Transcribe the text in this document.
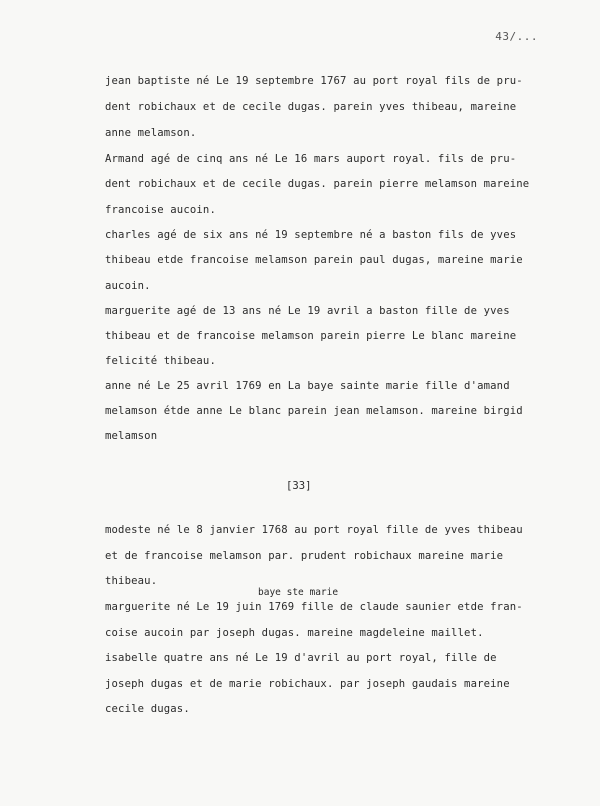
43/...
jean baptiste né Le 19 septembre 1767 au port royal fils de pru-
dent robichaux et de cecile dugas. parein yves thibeau, mareine
anne melamson.
Armand agé de cinq ans né Le 16 mars auport royal. fils de pru-
dent robichaux et de cecile dugas. parein pierre melamson mareine
francoise aucoin.
charles agé de six ans né 19 septembre né a baston fils de yves
thibeau etde francoise melamson parein paul dugas, mareine marie
aucoin.
marguerite agé de 13 ans né Le 19 avril a baston fille de yves
thibeau et de francoise melamson parein pierre Le blanc mareine
felicité thibeau.
anne né Le 25 avril 1769 en La baye sainte marie fille d'amand
melamson étde anne Le blanc parein jean melamson. mareine birgid
melamson
[33]
modeste né le 8 janvier 1768 au port royal fille de yves thibeau
et de francoise melamson par. prudent robichaux mareine marie
thibeau.
baye ste marie
marguerite né Le 19 juin 1769 fille de claude saunier etde fran-
coise aucoin par joseph dugas. mareine magdeleine maillet.
isabelle quatre ans né Le 19 d'avril au port royal, fille de
joseph dugas et de marie robichaux. par joseph gaudais mareine
cecile dugas.
